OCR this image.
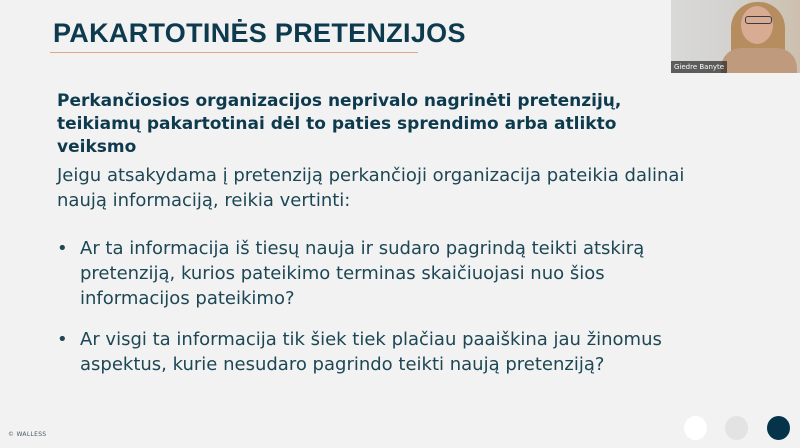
PAKARTOTINĖS PRETENZIJOS

Perkančiosios organizacijos neprivalo nagrinėti pretenzijų, teikiamų pakartotinai dėl to paties sprendimo arba atlikto veiksmo

Jeigu atsakydama į pretenziją perkančioji organizacija pateikia dalinai naują informaciją, reikia vertinti:

• Ar ta informacija iš tiesų nauja ir sudaro pagrindą teikti atskirą pretenziją, kurios pateikimo terminas skaičiuojasi nuo šios informacijos pateikimo?
• Ar visgi ta informacija tik šiek tiek plačiau paaiškina jau žinomus aspektus, kurie nesudaro pagrindo teikti naują pretenziją?
Giedre Banyte
© WALLESS
